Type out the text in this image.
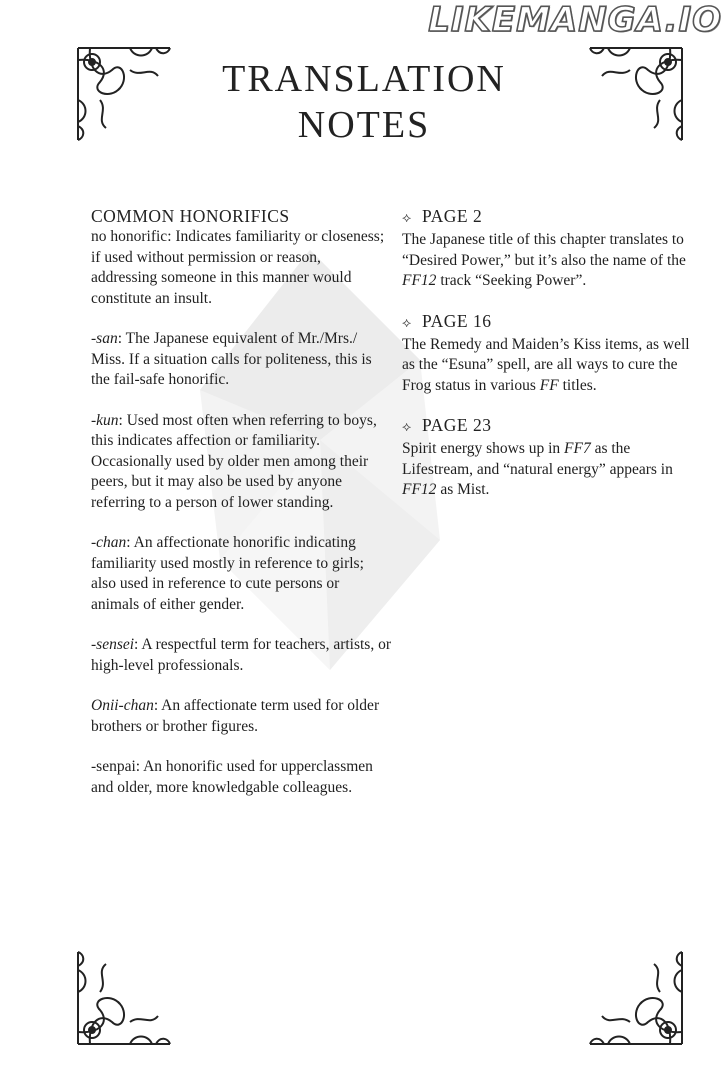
LIKEMANGA.IO
TRANSLATION
NOTES
COMMON HONORIFICS

no honorific: Indicates familiarity or closeness; if used without permission or reason, addressing someone in this manner would constitute an insult.

-san: The Japanese equivalent of Mr./Mrs./ Miss. If a situation calls for politeness, this is the fail-safe honorific.

-kun: Used most often when referring to boys, this indicates affection or familiarity. Occasionally used by older men among their peers, but it may also be used by anyone referring to a person of lower standing.

-chan: An affectionate honorific indicating familiarity used mostly in reference to girls; also used in reference to cute persons or animals of either gender.

-sensei: A respectful term for teachers, artists, or high-level professionals.

Onii-chan: An affectionate term used for older brothers or brother figures.

-senpai: An honorific used for upperclassmen and older, more knowledgable colleagues.

⟡ PAGE 2

The Japanese title of this chapter translates to “Desired Power,” but it’s also the name of the FF12 track “Seeking Power”.

⟡ PAGE 16

The Remedy and Maiden’s Kiss items, as well as the “Esuna” spell, are all ways to cure the Frog status in various FF titles.

⟡ PAGE 23

Spirit energy shows up in FF7 as the Lifestream, and “natural energy” appears in FF12 as Mist.
